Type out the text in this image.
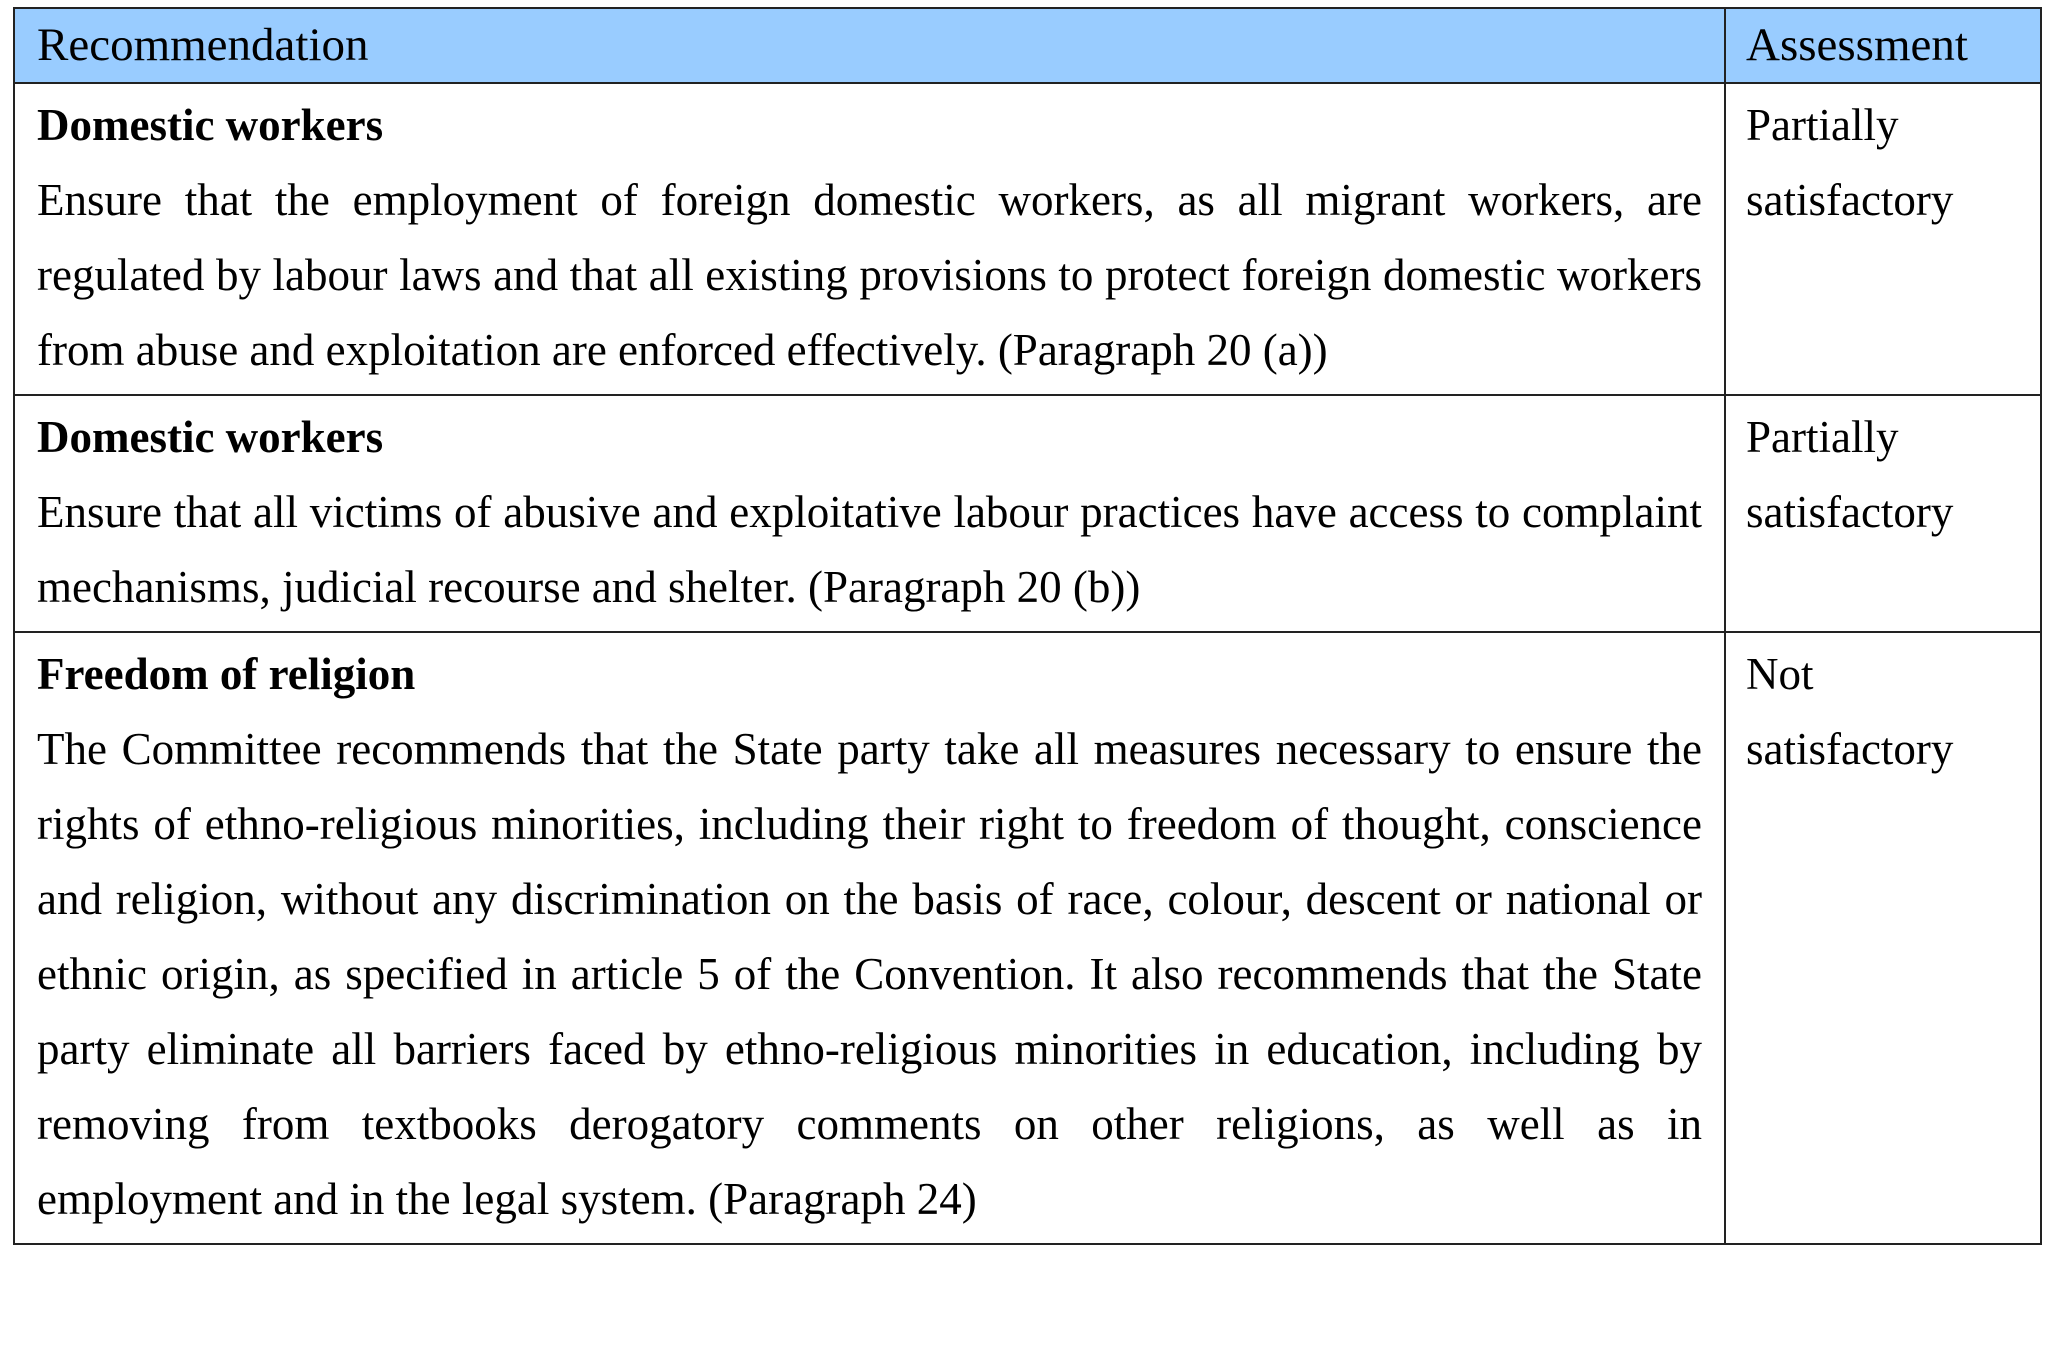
Recommendation	Assessment

Domestic workers
Ensure that the employment of foreign domestic workers, as all migrant workers, are regulated by labour laws and that all existing provisions to protect foreign domestic workers from abuse and exploitation are enforced effectively. (Paragraph 20 (a))	Partially
satisfactory

Domestic workers
Ensure that all victims of abusive and exploitative labour practices have access to complaint mechanisms, judicial recourse and shelter. (Paragraph 20 (b))	Partially
satisfactory

Freedom of religion
The Committee recommends that the State party take all measures necessary to ensure the rights of ethno-religious minorities, including their right to freedom of thought, conscience and religion, without any discrimination on the basis of race, colour, descent or national or ethnic origin, as specified in article 5 of the Convention. It also recommends that the State party eliminate all barriers faced by ethno-religious minorities in education, including by removing from textbooks derogatory comments on other religions, as well as in employment and in the legal system. (Paragraph 24)	Not
satisfactory
